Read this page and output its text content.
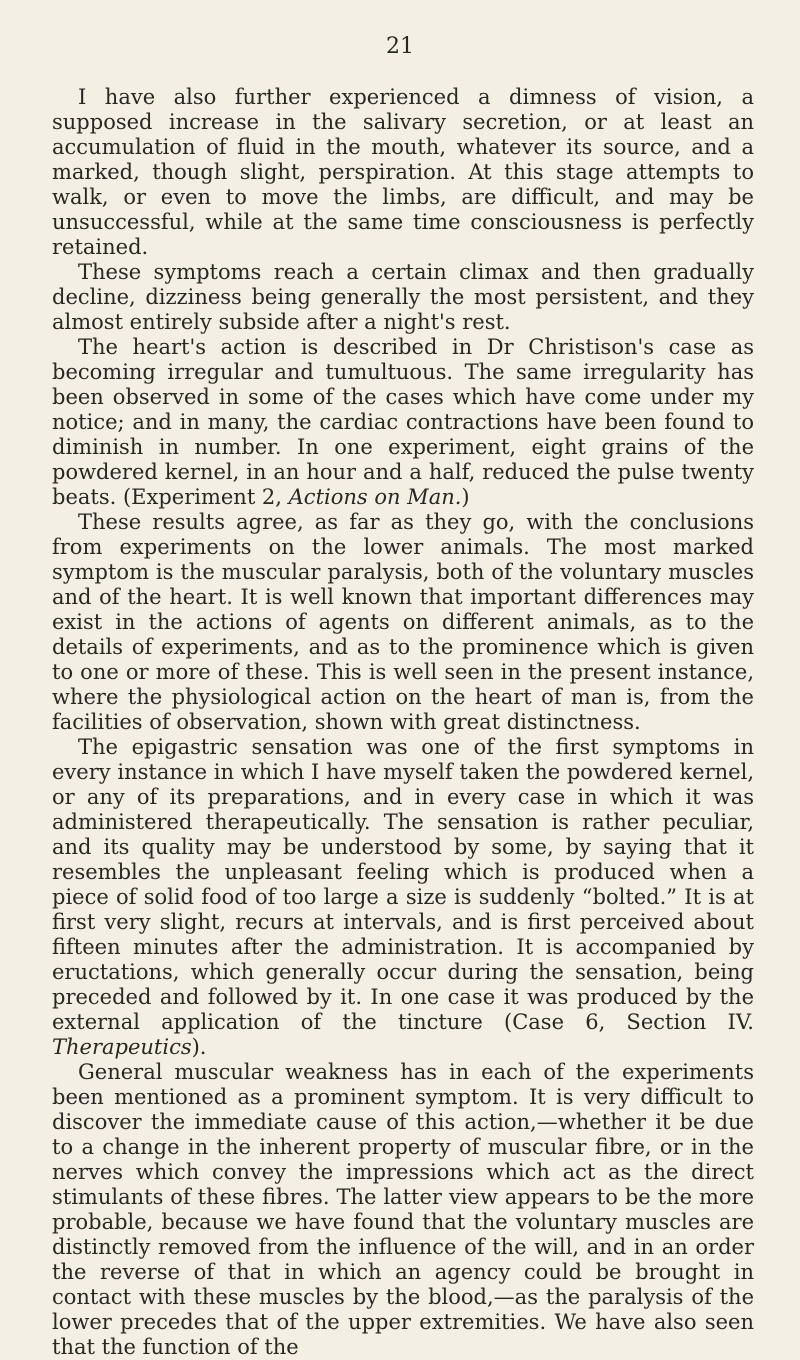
21

I have also further experienced a dimness of vision, a supposed increase in the salivary secretion, or at least an accumulation of fluid in the mouth, whatever its source, and a marked, though slight, perspiration. At this stage attempts to walk, or even to move the limbs, are difficult, and may be unsuccessful, while at the same time consciousness is perfectly retained.

These symptoms reach a certain climax and then gradually decline, dizziness being generally the most persistent, and they almost entirely subside after a night's rest.

The heart's action is described in Dr Christison's case as becoming irregular and tumultuous. The same irregularity has been observed in some of the cases which have come under my notice; and in many, the cardiac contractions have been found to diminish in number. In one experiment, eight grains of the powdered kernel, in an hour and a half, reduced the pulse twenty beats. (Experiment 2, Actions on Man.)

These results agree, as far as they go, with the conclusions from experiments on the lower animals. The most marked symptom is the muscular paralysis, both of the voluntary muscles and of the heart. It is well known that important differences may exist in the actions of agents on different animals, as to the details of experiments, and as to the prominence which is given to one or more of these. This is well seen in the present instance, where the physiological action on the heart of man is, from the facilities of observation, shown with great distinctness.

The epigastric sensation was one of the first symptoms in every instance in which I have myself taken the powdered kernel, or any of its preparations, and in every case in which it was administered therapeutically. The sensation is rather peculiar, and its quality may be understood by some, by saying that it resembles the unpleasant feeling which is produced when a piece of solid food of too large a size is suddenly “bolted.” It is at first very slight, recurs at intervals, and is first perceived about fifteen minutes after the administration. It is accompanied by eructations, which generally occur during the sensation, being preceded and followed by it. In one case it was produced by the external application of the tincture (Case 6, Section IV. Therapeutics).

General muscular weakness has in each of the experiments been mentioned as a prominent symptom. It is very difficult to discover the immediate cause of this action,—whether it be due to a change in the inherent property of muscular fibre, or in the nerves which convey the impressions which act as the direct stimulants of these fibres. The latter view appears to be the more probable, because we have found that the voluntary muscles are distinctly removed from the influence of the will, and in an order the reverse of that in which an agency could be brought in contact with these muscles by the blood,—as the paralysis of the lower precedes that of the upper extremities. We have also seen that the function of the
